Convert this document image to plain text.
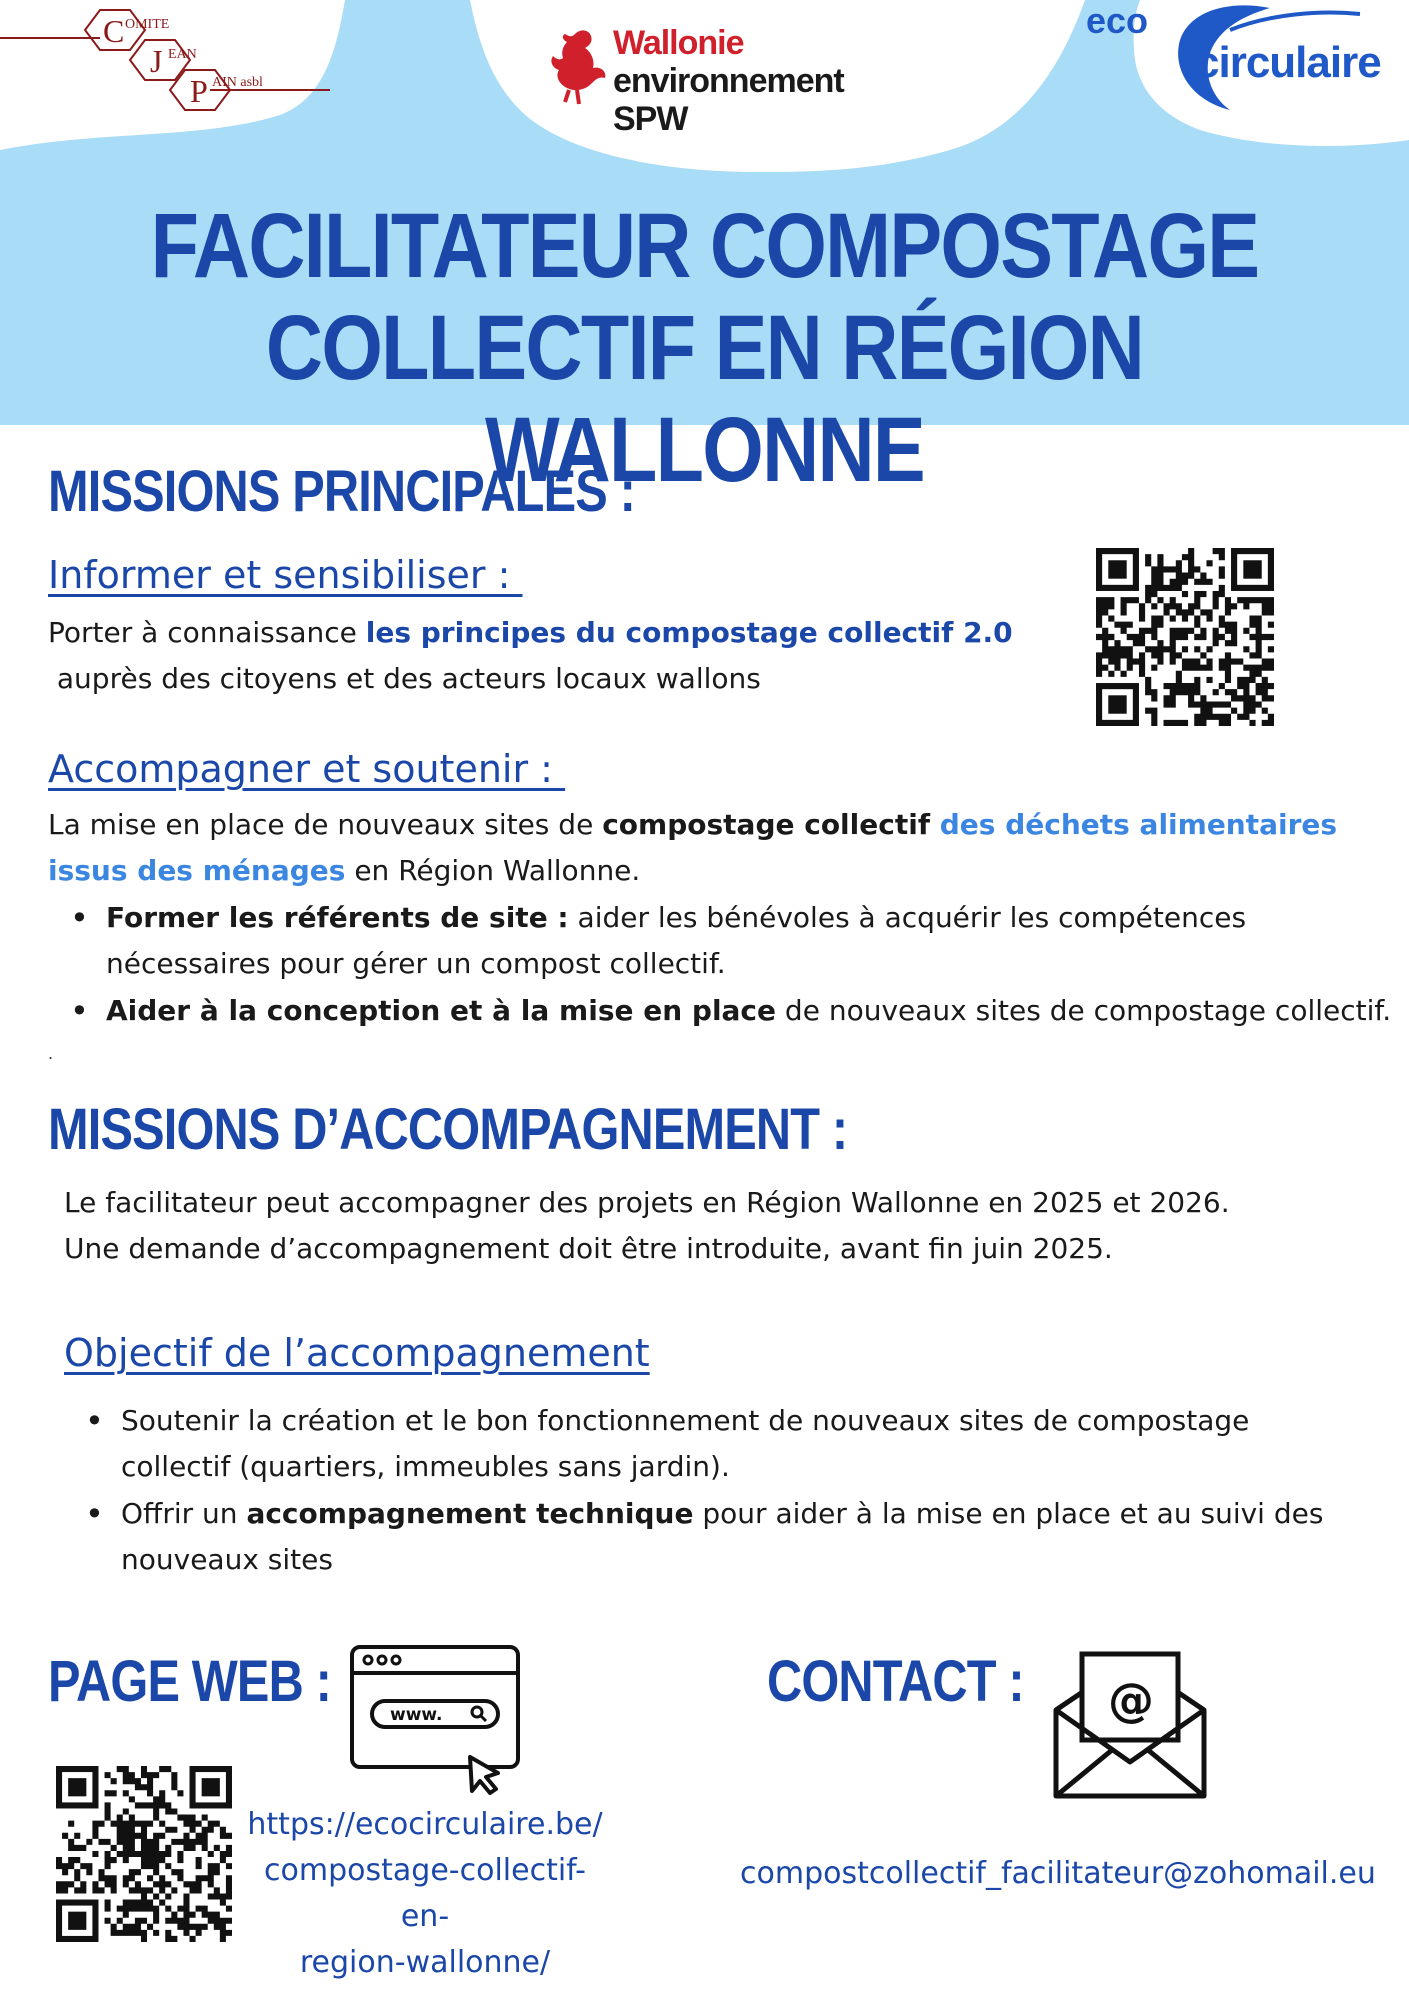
C OMITE
J EAN
P AIN asbl
Wallonie
environnement
SPW
eco
circulaire
FACILITATEUR COMPOSTAGE
COLLECTIF EN RÉGION WALLONNE
MISSIONS PRINCIPALES :
Informer et sensibiliser :
Porter à connaissance les principes du compostage collectif 2.0
auprès des citoyens et des acteurs locaux wallons
Accompagner et soutenir :
La mise en place de nouveaux sites de compostage collectif des déchets alimentaires
issus des ménages en Région Wallonne.
• Former les référents de site : aider les bénévoles à acquérir les compétences
nécessaires pour gérer un compost collectif.
• Aider à la conception et à la mise en place de nouveaux sites de compostage collectif.
.
MISSIONS D’ACCOMPAGNEMENT :
Le facilitateur peut accompagner des projets en Région Wallonne en 2025 et 2026.
Une demande d’accompagnement doit être introduite, avant fin juin 2025.
Objectif de l’accompagnement
• Soutenir la création et le bon fonctionnement de nouveaux sites de compostage
collectif (quartiers, immeubles sans jardin).
• Offrir un accompagnement technique pour aider à la mise en place et au suivi des
nouveaux sites
PAGE WEB :
www.
https://ecocirculaire.be/
compostage-collectif-en-
region-wallonne/
CONTACT : @
compostcollectif_facilitateur@zohomail.eu
